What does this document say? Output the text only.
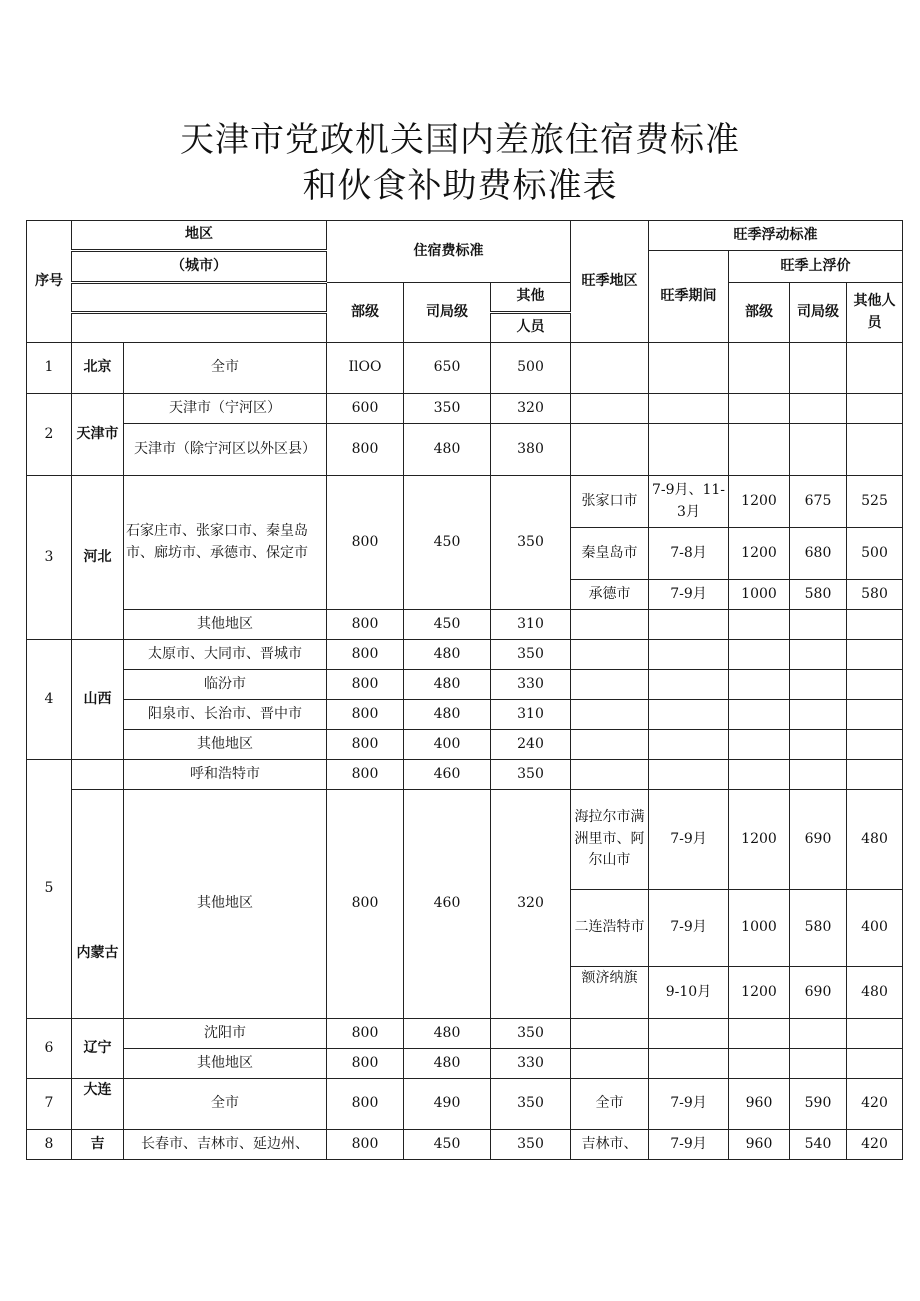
天津市党政机关国内差旅住宿费标准
和伙食补助费标准表
序号	地区		住宿费标准			旺季地区	旺季浮动标准			
	（城市）						旺季期间	旺季上浮价		
			部级	司局级	其他			部级	司局级	其他人员
					人员					
1	北京	全市	IlOO	650	500					
2	天津市	天津市（宁河区）	600	350	320					
		天津市（除宁河区以外区县）	800	480	380					
3	河北	石家庄市、张家口市、秦皇岛市、廊坊市、承德市、保定市	800	450	350	张家口市	7-9月、11-3月	1200	675	525
						秦皇岛市	7-8月	1200	680	500
						承德市	7-9月	1000	580	580
		其他地区	800	450	310					
4	山西	太原市、大同市、晋城市	800	480	350					
		临汾市	800	480	330					
		阳泉市、长治市、晋中市	800	480	310					
		其他地区	800	400	240					
5		呼和浩特市	800	460	350					
		其他地区	800	460	320	海拉尔市满洲里市、阿尔山市	7-9月	1200	690	480
	内蒙古					二连浩特市	7-9月	1000	580	400
						额济纳旗	9-10月	1200	690	480
6	辽宁	沈阳市	800	480	350					
		其他地区	800	480	330					
7	大连	全市	800	490	350	全市	7-9月	960	590	420
8	吉	长春市、吉林市、延边州、	800	450	350	吉林市、	7-9月	960	540	420
